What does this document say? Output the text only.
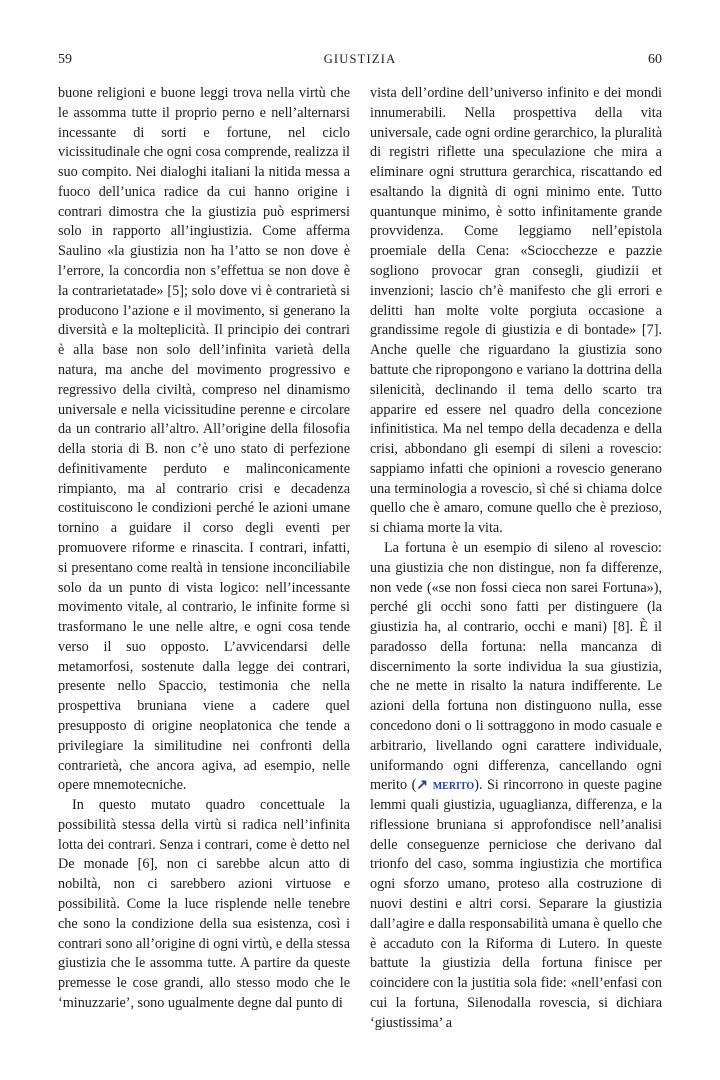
59	GIUSTIZIA	60

buone religioni e buone leggi trova nella virtù che le assomma tutte il proprio perno e nell’alternarsi incessante di sorti e fortune, nel ciclo vicissitudinale che ogni cosa comprende, realizza il suo compito. Nei dialoghi italiani la nitida messa a fuoco dell’unica radice da cui hanno origine i contrari dimostra che la giustizia può esprimersi solo in rapporto all’ingiustizia. Come afferma Saulino «la giustizia non ha l’atto se non dove è l’errore, la concordia non s’effettua se non dove è la contrarietatade» [5]; solo dove vi è contrarietà si producono l’azione e il movimento, si generano la diversità e la molteplicità. Il principio dei contrari è alla base non solo dell’infinita varietà della natura, ma anche del movimento progressivo e regressivo della civiltà, compreso nel dinamismo universale e nella vicissitudine perenne e circolare da un contrario all’altro. All’origine della filosofia della storia di B. non c’è uno stato di perfezione definitivamente perduto e malinconicamente rimpianto, ma al contrario crisi e decadenza costituiscono le condizioni perché le azioni umane tornino a guidare il corso degli eventi per promuovere riforme e rinascita. I contrari, infatti, si presentano come realtà in tensione inconciliabile solo da un punto di vista logico: nell’incessante movimento vitale, al contrario, le infinite forme si trasformano le une nelle altre, e ogni cosa tende verso il suo opposto. L’avvicendarsi delle metamorfosi, sostenute dalla legge dei contrari, presente nello Spaccio, testimonia che nella prospettiva bruniana viene a cadere quel presupposto di origine neoplatonica che tende a privilegiare la similitudine nei confronti della contrarietà, che ancora agiva, ad esempio, nelle opere mnemotecniche.

In questo mutato quadro concettuale la possibilità stessa della virtù si radica nell’infinita lotta dei contrari. Senza i contrari, come è detto nel De monade [6], non ci sarebbe alcun atto di nobiltà, non ci sarebbero azioni virtuose e possibilità. Come la luce risplende nelle tenebre che sono la condizione della sua esistenza, così i contrari sono all’origine di ogni virtù, e della stessa giustizia che le assomma tutte. A partire da queste premesse le cose grandi, allo stesso modo che le ‘minuzzarie’, sono ugualmente degne dal punto di

vista dell’ordine dell’universo infinito e dei mondi innumerabili. Nella prospettiva della vita universale, cade ogni ordine gerarchico, la pluralità di registri riflette una speculazione che mira a eliminare ogni struttura gerarchica, riscattando ed esaltando la dignità di ogni minimo ente. Tutto quantunque minimo, è sotto infinitamente grande provvidenza. Come leggiamo nell’epistola proemiale della Cena: «Sciocchezze e pazzie sogliono provocar gran consegli, giudizii et invenzioni; lascio ch’è manifesto che gli errori e delitti han molte volte porgiuta occasione a grandissime regole di giustizia e di bontade» [7]. Anche quelle che riguardano la giustizia sono battute che ripropongono e variano la dottrina della silenicità, declinando il tema dello scarto tra apparire ed essere nel quadro della concezione infinitistica. Ma nel tempo della decadenza e della crisi, abbondano gli esempi di sileni a rovescio: sappiamo infatti che opinioni a rovescio generano una terminologia a rovescio, sì ché si chiama dolce quello che è amaro, comune quello che è prezioso, si chiama morte la vita.

La fortuna è un esempio di sileno al rovescio: una giustizia che non distingue, non fa differenze, non vede («se non fossi cieca non sarei Fortuna»), perché gli occhi sono fatti per distinguere (la giustizia ha, al contrario, occhi e mani) [8]. È il paradosso della fortuna: nella mancanza di discernimento la sorte individua la sua giustizia, che ne mette in risalto la natura indifferente. Le azioni della fortuna non distinguono nulla, esse concedono doni o li sottraggono in modo casuale e arbitrario, livellando ogni carattere individuale, uniformando ogni differenza, cancellando ogni merito (↗ merito). Si rincorrono in queste pagine lemmi quali giustizia, uguaglianza, differenza, e la riflessione bruniana si approfondisce nell’analisi delle conseguenze perniciose che derivano dal trionfo del caso, somma ingiustizia che mortifica ogni sforzo umano, proteso alla costruzione di nuovi destini e altri corsi. Separare la giustizia dall’agire e dalla responsabilità umana è quello che è accaduto con la Riforma di Lutero. In queste battute la giustizia della fortuna finisce per coincidere con la justitia sola fide: «nell’enfasi con cui la fortuna, Silenodalla rovescia, si dichiara ‘giustissima’ a
